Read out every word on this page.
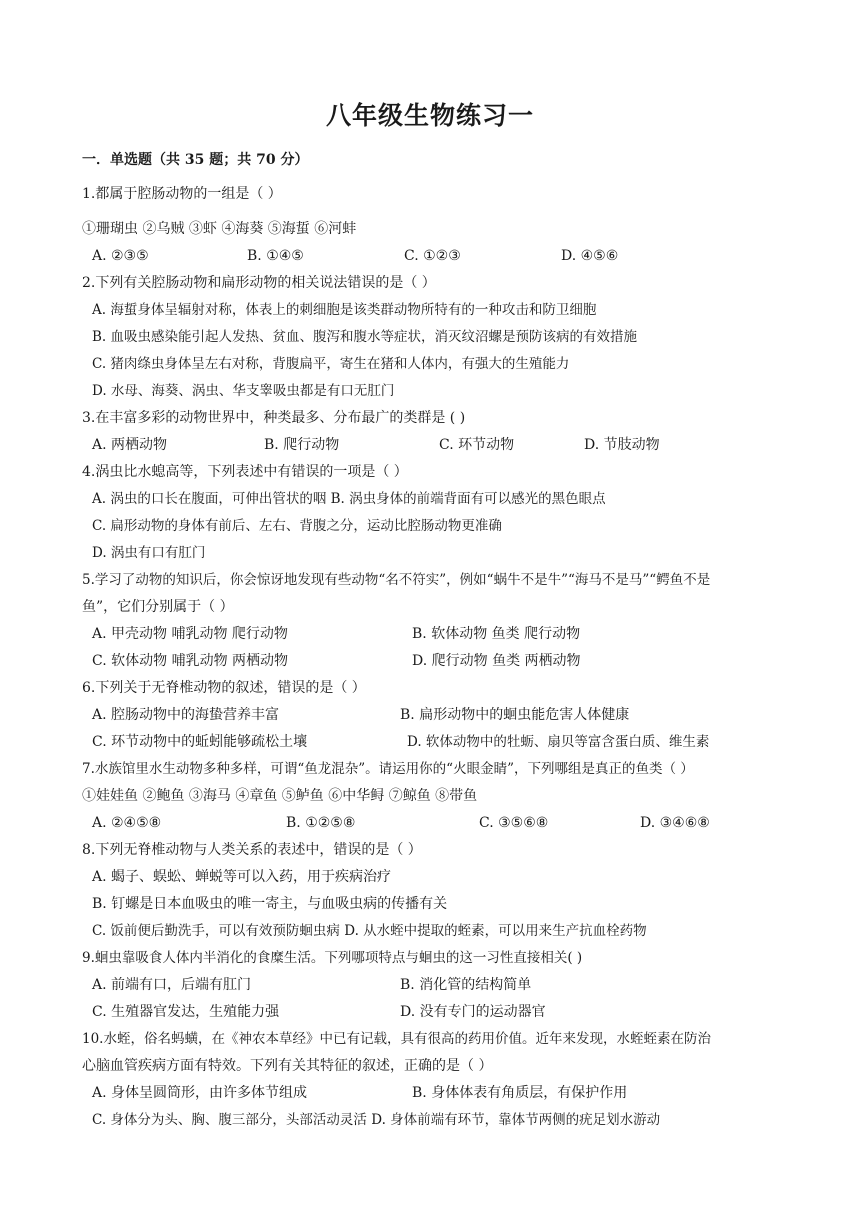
八年级生物练习一
一．单选题（共 35 题；共 70 分）
1.都属于腔肠动物的一组是（ ）
①珊瑚虫 ②乌贼 ③虾 ④海葵 ⑤海蜇 ⑥河蚌
A. ②③⑤	B. ①④⑤	C. ①②③	D. ④⑤⑥
2.下列有关腔肠动物和扁形动物的相关说法错误的是（ ）
A. 海蜇身体呈辐射对称，体表上的刺细胞是该类群动物所特有的一种攻击和防卫细胞
B. 血吸虫感染能引起人发热、贫血、腹泻和腹水等症状，消灭纹沼螺是预防该病的有效措施
C. 猪肉绦虫身体呈左右对称，背腹扁平，寄生在猪和人体内，有强大的生殖能力
D. 水母、海葵、涡虫、华支睾吸虫都是有口无肛门
3.在丰富多彩的动物世界中，种类最多、分布最广的类群是 ( )
A. 两栖动物	B. 爬行动物	C. 环节动物	D. 节肢动物
4.涡虫比水螅高等，下列表述中有错误的一项是（ ）
A. 涡虫的口长在腹面，可伸出管状的咽 B. 涡虫身体的前端背面有可以感光的黑色眼点
C. 扁形动物的身体有前后、左右、背腹之分，运动比腔肠动物更准确
D. 涡虫有口有肛门
5.学习了动物的知识后，你会惊讶地发现有些动物“名不符实”，例如“蜗牛不是牛”“海马不是马”“鳄鱼不是
鱼”，它们分别属于（ ）
A. 甲壳动物 哺乳动物 爬行动物	B. 软体动物 鱼类 爬行动物
C. 软体动物 哺乳动物 两栖动物	D. 爬行动物 鱼类 两栖动物
6.下列关于无脊椎动物的叙述，错误的是（ ）
A. 腔肠动物中的海蛰营养丰富	B. 扁形动物中的蛔虫能危害人体健康
C. 环节动物中的蚯蚓能够疏松土壤	D. 软体动物中的牡蛎、扇贝等富含蛋白质、维生素
7.水族馆里水生动物多种多样，可谓“鱼龙混杂”。请运用你的“火眼金睛”，下列哪组是真正的鱼类（ ）
①娃娃鱼 ②鲍鱼 ③海马 ④章鱼 ⑤鲈鱼 ⑥中华鲟 ⑦鲸鱼 ⑧带鱼
A. ②④⑤⑧	B. ①②⑤⑧	C. ③⑤⑥⑧	D. ③④⑥⑧
8.下列无脊椎动物与人类关系的表述中，错误的是（ ）
A. 蝎子、蜈蚣、蝉蜕等可以入药，用于疾病治疗
B. 钉螺是日本血吸虫的唯一寄主，与血吸虫病的传播有关
C. 饭前便后勤洗手，可以有效预防蛔虫病 D. 从水蛭中提取的蛭素，可以用来生产抗血栓药物
9.蛔虫靠吸食人体内半消化的食糜生活。下列哪项特点与蛔虫的这一习性直接相关( )
A. 前端有口，后端有肛门	B. 消化管的结构简单
C. 生殖器官发达，生殖能力强	D. 没有专门的运动器官
10.水蛭，俗名蚂蟥，在《神农本草经》中已有记载，具有很高的药用价值。近年来发现，水蛭蛭素在防治
心脑血管疾病方面有特效。下列有关其特征的叙述，正确的是（ ）
A. 身体呈圆筒形，由许多体节组成	B. 身体体表有角质层，有保护作用
C. 身体分为头、胸、腹三部分，头部活动灵活 D. 身体前端有环节，靠体节两侧的疣足划水游动
